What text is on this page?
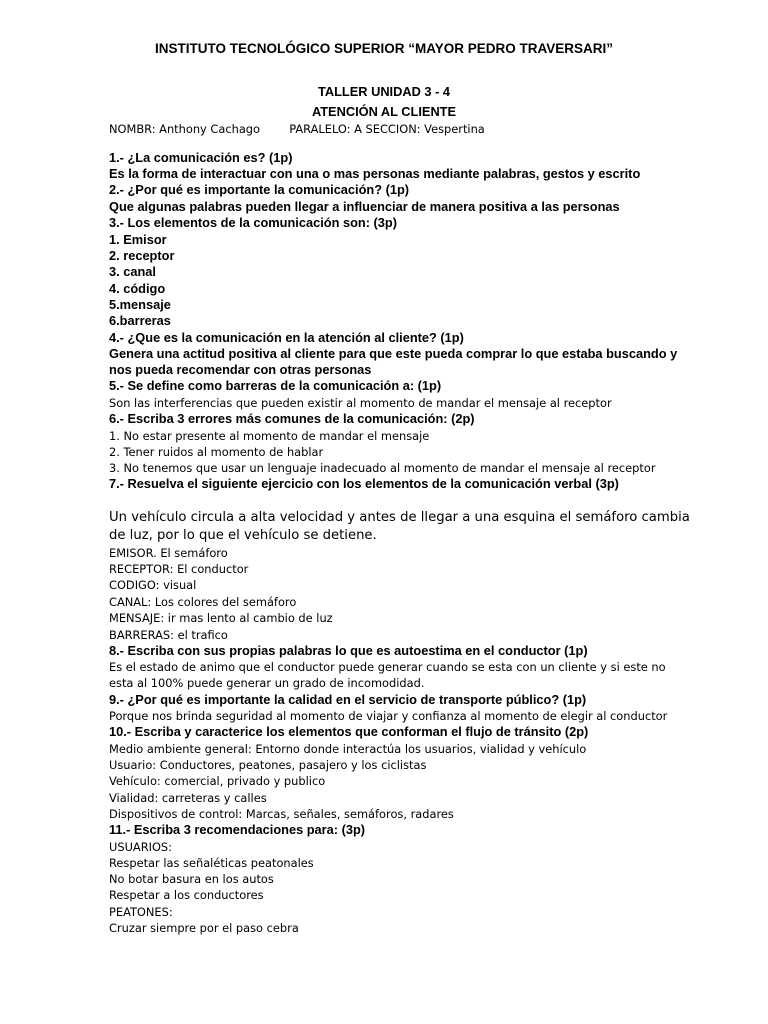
INSTITUTO TECNOLÓGICO SUPERIOR “MAYOR PEDRO TRAVERSARI”
TALLER UNIDAD 3 - 4
ATENCIÓN AL CLIENTE
NOMBR: Anthony Cachago	PARALELO: A SECCION: Vespertina
1.- ¿La comunicación es? (1p)
Es la forma de interactuar con una o mas personas mediante palabras, gestos y escrito
2.- ¿Por qué es importante la comunicación? (1p)
Que algunas palabras pueden llegar a influenciar de manera positiva a las personas
3.- Los elementos de la comunicación son: (3p)
1. Emisor
2. receptor
3. canal
4. código
5.mensaje
6.barreras
4.- ¿Que es la comunicación en la atención al cliente? (1p)
Genera una actitud positiva al cliente para que este pueda comprar lo que estaba buscando y
nos pueda recomendar con otras personas
5.- Se define como barreras de la comunicación a: (1p)
Son las interferencias que pueden existir al momento de mandar el mensaje al receptor
6.- Escriba 3 errores más comunes de la comunicación: (2p)
1. No estar presente al momento de mandar el mensaje
2. Tener ruidos al momento de hablar
3. No tenemos que usar un lenguaje inadecuado al momento de mandar el mensaje al receptor
7.- Resuelva el siguiente ejercicio con los elementos de la comunicación verbal (3p)
Un vehículo circula a alta velocidad y antes de llegar a una esquina el semáforo cambia
de luz, por lo que el vehículo se detiene.
EMISOR. El semáforo
RECEPTOR: El conductor
CODIGO: visual
CANAL: Los colores del semáforo
MENSAJE: ir mas lento al cambio de luz
BARRERAS: el trafico
8.- Escriba con sus propias palabras lo que es autoestima en el conductor (1p)
Es el estado de animo que el conductor puede generar cuando se esta con un cliente y si este no
esta al 100% puede generar un grado de incomodidad.
9.- ¿Por qué es importante la calidad en el servicio de transporte público? (1p)
Porque nos brinda seguridad al momento de viajar y confianza al momento de elegir al conductor
10.- Escriba y caracterice los elementos que conforman el flujo de tránsito (2p)
Medio ambiente general: Entorno donde interactúa los usuarios, vialidad y vehículo
Usuario: Conductores, peatones, pasajero y los ciclistas
Vehículo: comercial, privado y publico
Vialidad: carreteras y calles
Dispositivos de control: Marcas, señales, semáforos, radares
11.- Escriba 3 recomendaciones para: (3p)
USUARIOS:
Respetar las señaléticas peatonales
No botar basura en los autos
Respetar a los conductores
PEATONES:
Cruzar siempre por el paso cebra
